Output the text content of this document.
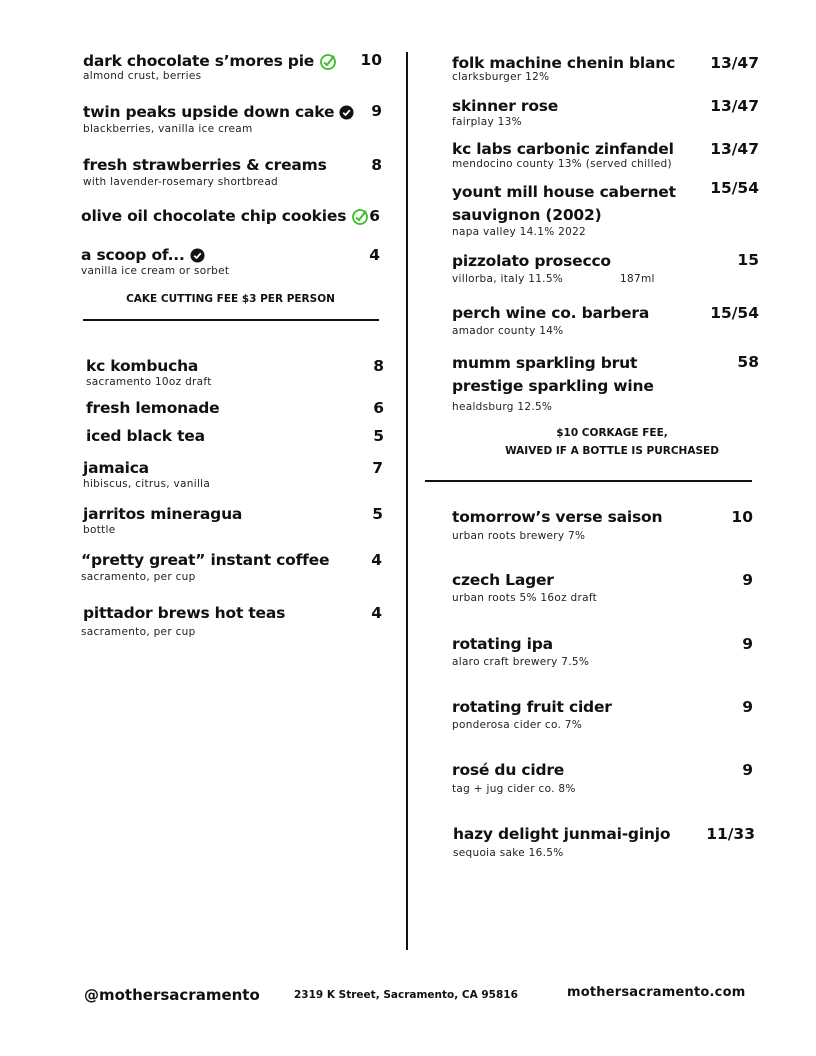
dark chocolate s’mores pie
almond crust, berries
10
twin peaks upside down cake
blackberries, vanilla ice cream
9
fresh strawberries & creams
with lavender-rosemary shortbread
8
olive oil chocolate chip cookies	6
a scoop of...
vanilla ice cream or sorbet
4
CAKE CUTTING FEE $3 PER PERSON
kc kombucha
sacramento 10oz draft
8
fresh lemonade	6
iced black tea	5
jamaica
hibiscus, citrus, vanilla
7
jarritos mineragua
bottle
5
“pretty great” instant coffee
sacramento, per cup
4
pittador brews hot teas
sacramento, per cup
4
folk machine chenin blanc
clarksburger 12%
13/47
skinner rose
fairplay 13%
13/47
kc labs carbonic zinfandel
mendocino county 13% (served chilled)
13/47
yount mill house cabernet sauvignon (2002)
napa valley 14.1% 2022
15/54
pizzolato prosecco
villorba, italy 11.5%	187ml
15
perch wine co. barbera
amador county 14%
15/54
mumm sparkling brut prestige sparkling wine
healdsburg 12.5%
58
$10 CORKAGE FEE,
WAIVED IF A BOTTLE IS PURCHASED
tomorrow’s verse saison
urban roots brewery 7%
10
czech Lager
urban roots 5% 16oz draft
9
rotating ipa
alaro craft brewery 7.5%
9
rotating fruit cider
ponderosa cider co. 7%
9
rosé du cidre
tag + jug cider co. 8%
9
hazy delight junmai-ginjo
sequoia sake 16.5%
11/33
@mothersacramento	2319 K Street, Sacramento, CA 95816	mothersacramento.com
